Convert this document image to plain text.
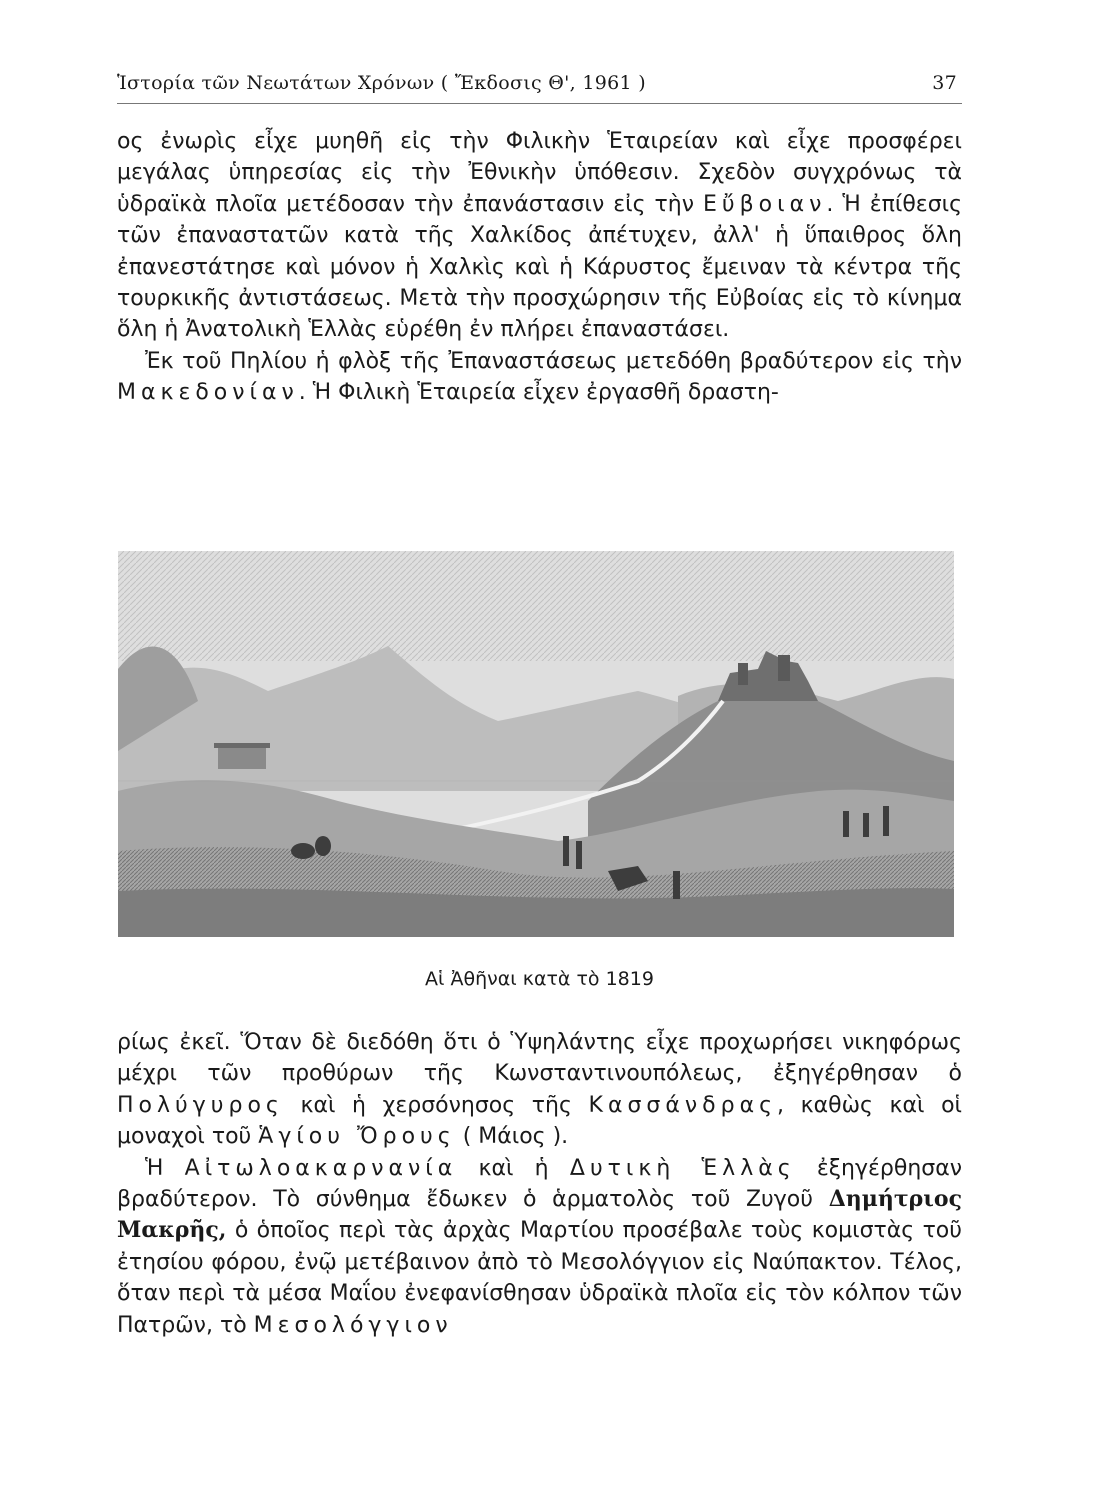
Ἱστορία τῶν Νεωτάτων Χρόνων ( Ἔκδοσις Θ', 1961 )	37

ος ἐνωρὶς εἶχε μυηθῆ εἰς τὴν Φιλικὴν Ἑταιρείαν καὶ εἶχε προσφέρει μεγάλας ὑπηρεσίας εἰς τὴν Ἐθνικὴν ὑπόθεσιν. Σχεδὸν συγχρόνως τὰ ὑδραϊκὰ πλοῖα μετέδοσαν τὴν ἐπανάστασιν εἰς τὴν Εὔβοιαν. Ἡ ἐπίθεσις τῶν ἐπαναστατῶν κατὰ τῆς Χαλκίδος ἀπέτυχεν, ἀλλ' ἡ ὕπαιθρος ὅλη ἐπανεστάτησε καὶ μόνον ἡ Χαλκὶς καὶ ἡ Κάρυστος ἔμειναν τὰ κέντρα τῆς τουρκικῆς ἀντιστάσεως. Μετὰ τὴν προσχώρησιν τῆς Εὐβοίας εἰς τὸ κίνημα ὅλη ἡ Ἀνατολικὴ Ἑλλὰς εὑρέθη ἐν πλήρει ἐπαναστάσει.

Ἐκ τοῦ Πηλίου ἡ φλὸξ τῆς Ἐπαναστάσεως μετεδόθη βραδύτερον εἰς τὴν Μακεδονίαν. Ἡ Φιλικὴ Ἑταιρεία εἶχεν ἐργασθῆ δραστη-

Αἱ Ἀθῆναι κατὰ τὸ 1819

ρίως ἐκεῖ. Ὅταν δὲ διεδόθη ὅτι ὁ Ὑψηλάντης εἶχε προχωρήσει νικηφόρως μέχρι τῶν προθύρων τῆς Κωνσταντινουπόλεως, ἐξηγέρθησαν ὁ Πολύγυρος καὶ ἡ χερσόνησος τῆς Κασσάνδρας, καθὼς καὶ οἱ μοναχοὶ τοῦ Ἁγίου Ὄρους ( Μάιος ).

Ἡ Αἰτωλοακαρνανία καὶ ἡ Δυτικὴ Ἑλλὰς ἐξηγέρθησαν βραδύτερον. Τὸ σύνθημα ἔδωκεν ὁ ἁρματολὸς τοῦ Ζυγοῦ Δημήτριος Μακρῆς, ὁ ὁποῖος περὶ τὰς ἀρχὰς Μαρτίου προσέβαλε τοὺς κομιστὰς τοῦ ἐτησίου φόρου, ἐνῷ μετέβαινον ἀπὸ τὸ Μεσολόγγιον εἰς Ναύπακτον. Τέλος, ὅταν περὶ τὰ μέσα Μαΐου ἐνεφανίσθησαν ὑδραϊκὰ πλοῖα εἰς τὸν κόλπον τῶν Πατρῶν, τὸ Μεσολόγγιον
